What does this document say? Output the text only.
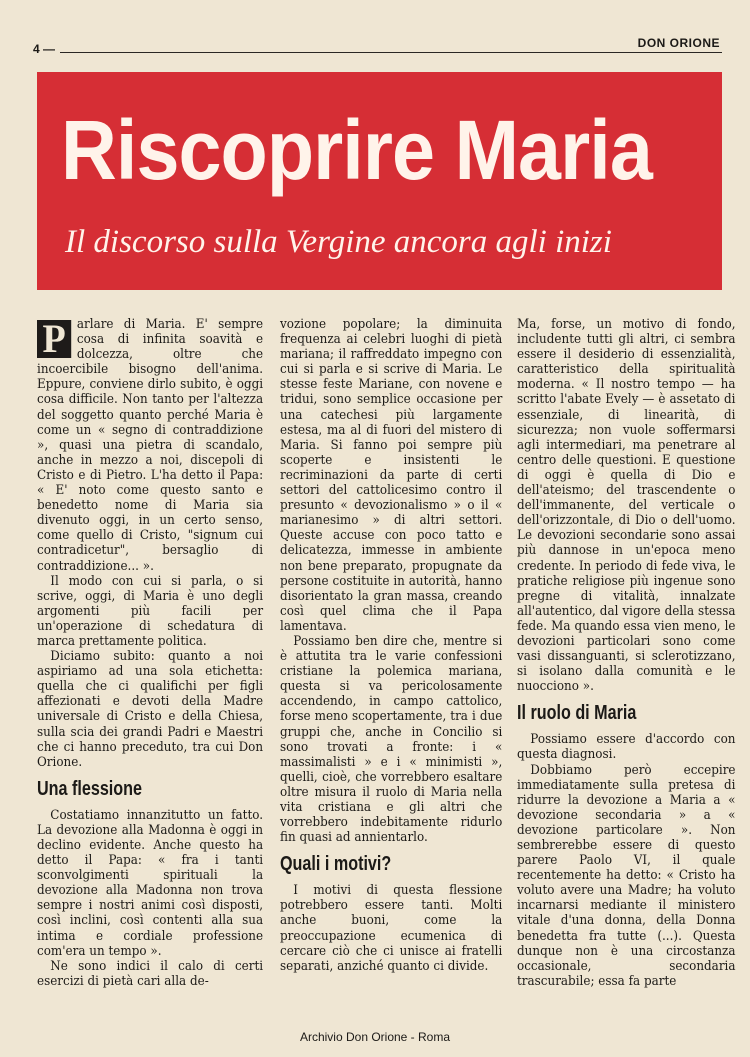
4 —	DON ORIONE
Riscoprire Maria
Il discorso sulla Vergine ancora agli inizi
P arlare di Maria. E' sempre cosa di infinita soavità e dolcezza, oltre che incoercibile bisogno dell'anima. Eppure, conviene dirlo subito, è oggi cosa difficile. Non tanto per l'altezza del soggetto quanto perché Maria è come un « segno di contraddizione », quasi una pietra di scandalo, anche in mezzo a noi, discepoli di Cristo e di Pietro. L'ha detto il Papa: « E' noto come questo santo e benedetto nome di Maria sia divenuto oggi, in un certo senso, come quello di Cristo, "signum cui contradicetur", bersaglio di contraddizione... ».

Il modo con cui si parla, o si scrive, oggi, di Maria è uno degli argomenti più facili per un'operazione di schedatura di marca prettamente politica.

Diciamo subito: quanto a noi aspiriamo ad una sola etichetta: quella che ci qualifichi per figli affezionati e devoti della Madre universale di Cristo e della Chiesa, sulla scia dei grandi Padri e Maestri che ci hanno preceduto, tra cui Don Orione.

Una flessione

Costatiamo innanzitutto un fatto. La devozione alla Madonna è oggi in declino evidente. Anche questo ha detto il Papa: « fra i tanti sconvolgimenti spirituali la devozione alla Madonna non trova sempre i nostri animi così disposti, così inclini, così contenti alla sua intima e cordiale professione com'era un tempo ».

Ne sono indici il calo di certi esercizi di pietà cari alla de-

vozione popolare; la diminuita frequenza ai celebri luoghi di pietà mariana; il raffreddato impegno con cui si parla e si scrive di Maria. Le stesse feste Mariane, con novene e tridui, sono semplice occasione per una catechesi più largamente estesa, ma al di fuori del mistero di Maria. Si fanno poi sempre più scoperte e insistenti le recriminazioni da parte di certi settori del cattolicesimo contro il presunto « devozionalismo » o il « marianesimo » di altri settori. Queste accuse con poco tatto e delicatezza, immesse in ambiente non bene preparato, propugnate da persone costituite in autorità, hanno disorientato la gran massa, creando così quel clima che il Papa lamentava.

Possiamo ben dire che, mentre si è attutita tra le varie confessioni cristiane la polemica mariana, questa si va pericolosamente accendendo, in campo cattolico, forse meno scopertamente, tra i due gruppi che, anche in Concilio si sono trovati a fronte: i « massimalisti » e i « minimisti », quelli, cioè, che vorrebbero esaltare oltre misura il ruolo di Maria nella vita cristiana e gli altri che vorrebbero indebitamente ridurlo fin quasi ad annientarlo.

Quali i motivi?

I motivi di questa flessione potrebbero essere tanti. Molti anche buoni, come la preoccupazione ecumenica di cercare ciò che ci unisce ai fratelli separati, anziché quanto ci divide.

Ma, forse, un motivo di fondo, includente tutti gli altri, ci sembra essere il desiderio di essenzialità, caratteristico della spiritualità moderna. « Il nostro tempo — ha scritto l'abate Evely — è assetato di essenziale, di linearità, di sicurezza; non vuole soffermarsi agli intermediari, ma penetrare al centro delle questioni. E questione di oggi è quella di Dio e dell'ateismo; del trascendente o dell'immanente, del verticale o dell'orizzontale, di Dio o dell'uomo. Le devozioni secondarie sono assai più dannose in un'epoca meno credente. In periodo di fede viva, le pratiche religiose più ingenue sono pregne di vitalità, innalzate all'autentico, dal vigore della stessa fede. Ma quando essa vien meno, le devozioni particolari sono come vasi dissanguanti, si sclerotizzano, si isolano dalla comunità e le nuocciono ».

Il ruolo di Maria

Possiamo essere d'accordo con questa diagnosi.

Dobbiamo però eccepire immediatamente sulla pretesa di ridurre la devozione a Maria a « devozione secondaria » a « devozione particolare ». Non sembrerebbe essere di questo parere Paolo VI, il quale recentemente ha detto: « Cristo ha voluto avere una Madre; ha voluto incarnarsi mediante il ministero vitale d'una donna, della Donna benedetta fra tutte (...). Questa dunque non è una circostanza occasionale, secondaria trascurabile; essa fa parte

Archivio Don Orione - Roma
